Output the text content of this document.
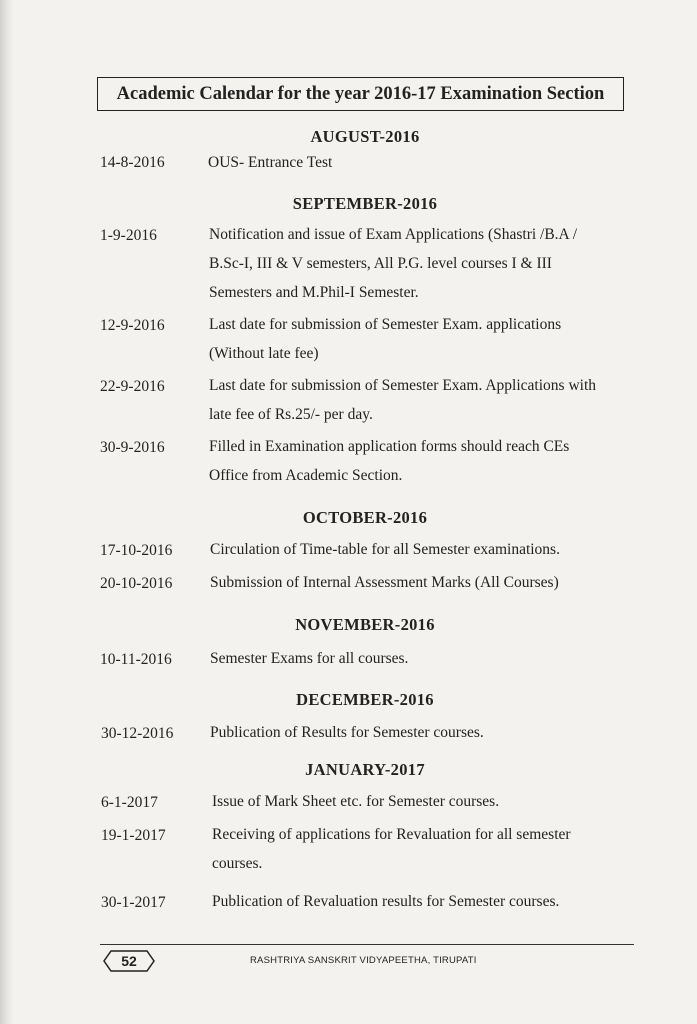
Academic Calendar for the year 2016-17 Examination Section
AUGUST-2016
14-8-2016	OUS- Entrance Test
SEPTEMBER-2016
1-9-2016	Notification and issue of Exam Applications (Shastri /B.A / B.Sc-I, III & V semesters, All P.G. level courses I & III Semesters and M.Phil-I Semester.
12-9-2016	Last date for submission of Semester Exam. applications (Without late fee)
22-9-2016	Last date for submission of Semester Exam. Applications with late fee of Rs.25/- per day.
30-9-2016	Filled in Examination application forms should reach CEs Office from Academic Section.
OCTOBER-2016
17-10-2016 Circulation of Time-table for all Semester examinations.
20-10-2016 Submission of Internal Assessment Marks (All Courses)
NOVEMBER-2016
10-11-2016 Semester Exams for all courses.
DECEMBER-2016
30-12-2016 Publication of Results for Semester courses.
JANUARY-2017
6-1-2017	Issue of Mark Sheet etc. for Semester courses.
19-1-2017	Receiving of applications for Revaluation for all semester courses.
30-1-2017	Publication of Revaluation results for Semester courses.
52	RASHTRIYA SANSKRIT VIDYAPEETHA, TIRUPATI
